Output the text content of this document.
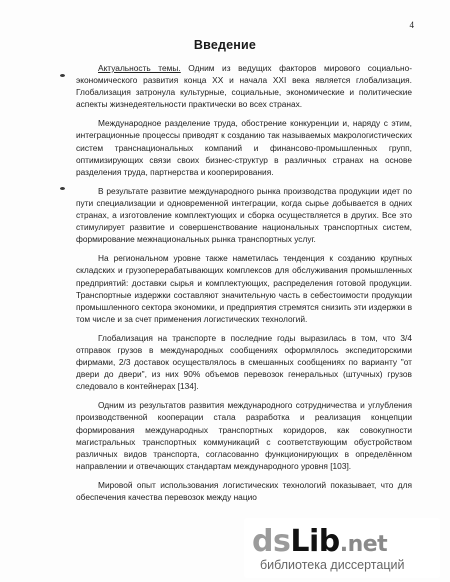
4
Введение

Актуальность темы. Одним из ведущих факторов мирового социально-экономического развития конца XX и начала XXI века является глобализация. Глобализация затронула культурные, социальные, экономические и политические аспекты жизнедеятельности практически во всех странах.

Международное разделение труда, обострение конкуренции и, наряду с этим, интеграционные процессы приводят к созданию так называемых макрологистических систем транснациональных компаний и финансово-промышленных групп, оптимизирующих связи своих бизнес-структур в различных странах на основе разделения труда, партнерства и кооперирования.

В результате развитие международного рынка производства продукции идет по пути специализации и одновременной интеграции, когда сырье добывается в одних странах, а изготовление комплектующих и сборка осуществляется в других. Все это стимулирует развитие и совершенствование национальных транспортных систем, формирование межнациональных рынка транспортных услуг.

На региональном уровне также наметилась тенденция к созданию крупных складских и грузоперерабатывающих комплексов для обслуживания промышленных предприятий: доставки сырья и комплектующих, распределения готовой продукции. Транспортные издержки составляют значительную часть в себестоимости продукции промышленного сектора экономики, и предприятия стремятся снизить эти издержки в том числе и за счет применения логистических технологий.

Глобализация на транспорте в последние годы выразилась в том, что 3/4 отправок грузов в международных сообщениях оформлялось экспедиторскими фирмами, 2/3 доставок осуществлялось в смешанных сообщениях по варианту "от двери до двери", из них 90% объемов перевозок генеральных (штучных) грузов следовало в контейнерах [134].

Одним из результатов развития международного сотрудничества и углубления производственной кооперации стала разработка и реализация концепции формирования международных транспортных коридоров, как совокупности магистральных транспортных коммуникаций с соответствующим обустройством различных видов транспорта, согласованно функционирующих в определённом направлении и отвечающих стандартам международного уровня [103].

Мировой опыт использования логистических технологий показывает, что для обеспечения качества перевозок между нацио

dsLib.net
библиотека диссертаций
